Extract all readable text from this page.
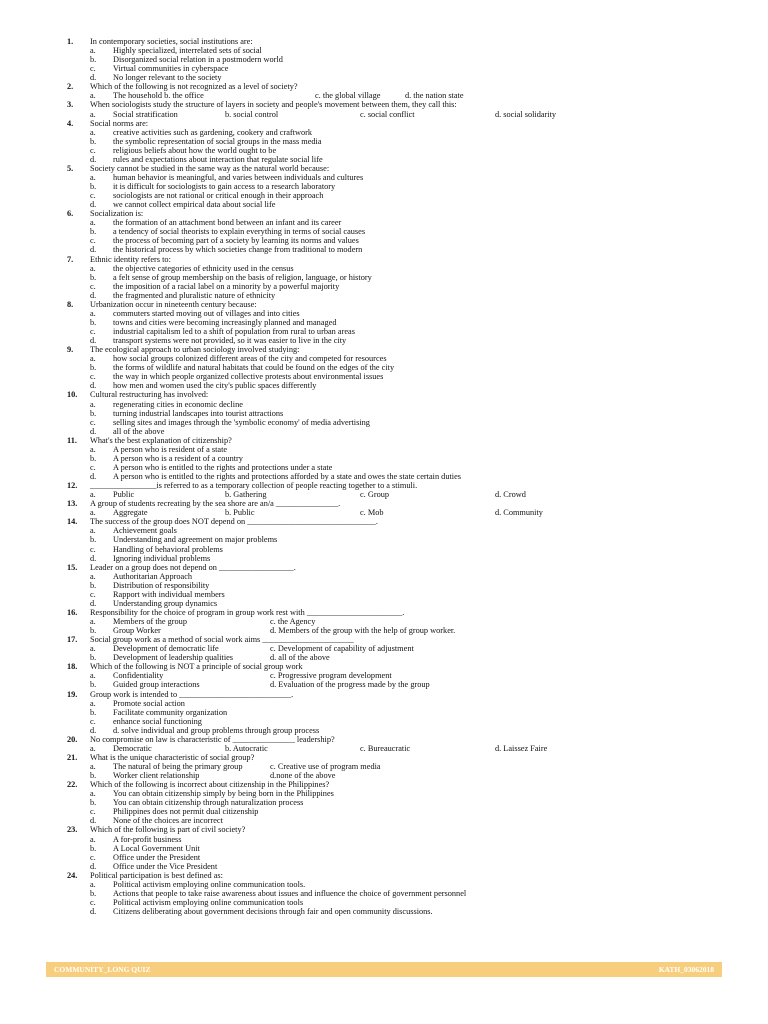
1. In contemporary societies, social institutions are:
a. Highly specialized, interrelated sets of social
b. Disorganized social relation in a postmodern world
c. Virtual communities in cyberspace
d. No longer relevant to the society
2. Which of the following is not recognized as a level of society?
a. The household b. the office	c. the global village	d. the nation state
3. When sociologists study the structure of layers in society and people's movement between them, they call this:
a. Social stratification	b. social control	c. social conflict	d. social solidarity
4. Social norms are:
a. creative activities such as gardening, cookery and craftwork
b. the symbolic representation of social groups in the mass media
c. religious beliefs about how the world ought to be
d. rules and expectations about interaction that regulate social life
5. Society cannot be studied in the same way as the natural world because:
a. human behavior is meaningful, and varies between individuals and cultures
b. it is difficult for sociologists to gain access to a research laboratory
c. sociologists are not rational or critical enough in their approach
d. we cannot collect empirical data about social life
6. Socialization is:
a. the formation of an attachment bond between an infant and its career
b. a tendency of social theorists to explain everything in terms of social causes
c. the process of becoming part of a society by learning its norms and values
d. the historical process by which societies change from traditional to modern
7. Ethnic identity refers to:
a. the objective categories of ethnicity used in the census
b. a felt sense of group membership on the basis of religion, language, or history
c. the imposition of a racial label on a minority by a powerful majority
d. the fragmented and pluralistic nature of ethnicity
8. Urbanization occur in nineteenth century because:
a. commuters started moving out of villages and into cities
b. towns and cities were becoming increasingly planned and managed
c. industrial capitalism led to a shift of population from rural to urban areas
d. transport systems were not provided, so it was easier to live in the city
9. The ecological approach to urban sociology involved studying:
a. how social groups colonized different areas of the city and competed for resources
b. the forms of wildlife and natural habitats that could be found on the edges of the city
c. the way in which people organized collective protests about environmental issues
d. how men and women used the city's public spaces differently
10. Cultural restructuring has involved:
a. regenerating cities in economic decline
b. turning industrial landscapes into tourist attractions
c. selling sites and images through the 'symbolic economy' of media advertising
d. all of the above
11. What's the best explanation of citizenship?
a. A person who is resident of a state
b. A person who is a resident of a country
c. A person who is entitled to the rights and protections under a state
d. A person who is entitled to the rights and protections afforded by a state and owes the state certain duties
12. ________________is referred to as a temporary collection of people reacting together to a stimuli.
a. Public	b. Gathering	c. Group	d. Crowd
13. A group of students recreating by the sea shore are an/a _______________.
a. Aggregate	b. Public	c. Mob	d. Community
14. The success of the group does NOT depend on _______________________________.
a. Achievement goals
b. Understanding and agreement on major problems
c. Handling of behavioral problems
d. Ignoring individual problems
15. Leader on a group does not depend on __________________.
a. Authoritarian Approach
b. Distribution of responsibility
c. Rapport with individual members
d. Understanding group dynamics
16. Responsibility for the choice of program in group work rest with _______________________.
a. Members of the group	c. the Agency
b. Group Worker	d. Members of the group with the help of group worker.
17. Social group work as a method of social work aims ______________________
a. Development of democratic life	c. Development of capability of adjustment
b. Development of leadership qualities	d. all of the above
18. Which of the following is NOT a principle of social group work
a. Confidentiality	c. Progressive program development
b. Guided group interactions	d. Evaluation of the progress made by the group
19. Group work is intended to ___________________________.
a. Promote social action
b. Facilitate community organization
c. enhance social functioning
d. d. solve individual and group problems through group process
20. No compromise on law is characteristic of _______________ leadership?
a. Democratic	b. Autocratic	c. Bureaucratic	d. Laissez Faire
21. What is the unique characteristic of social group?
a. The natural of being the primary group	c. Creative use of program media
b. Worker client relationship	d.none of the above
22. Which of the following is incorrect about citizenship in the Philippines?
a. You can obtain citizenship simply by being born in the Philippines
b. You can obtain citizenship through naturalization process
c. Philippines does not permit dual citizenship
d. None of the choices are incorrect
23. Which of the following is part of civil society?
a. A for-profit business
b. A Local Government Unit
c. Office under the President
d. Office under the Vice President
24. Political participation is best defined as:
a. Political activism employing online communication tools.
b. Actions that people to take raise awareness about issues and influence the choice of government personnel
c. Political activism employing online communication tools
d. Citizens deliberating about government decisions through fair and open community discussions.
COMMUNITY_LONG QUIZ	KATH_03062018
